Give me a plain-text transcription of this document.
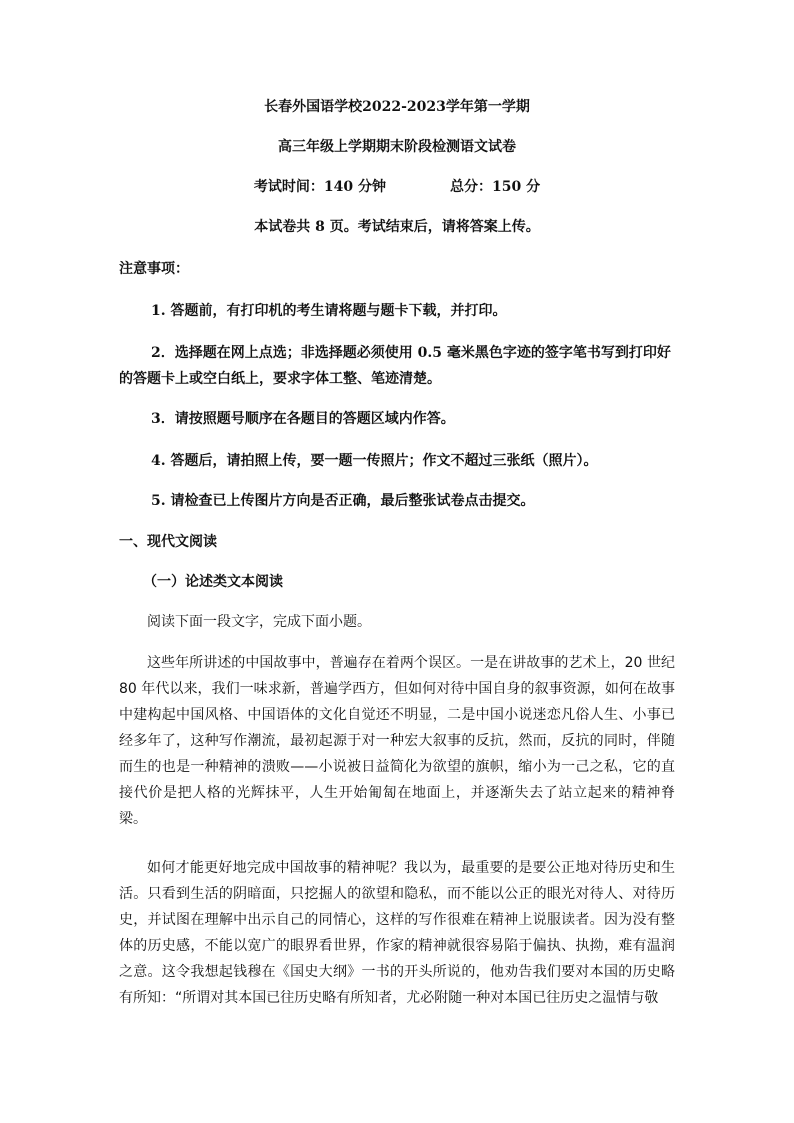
长春外国语学校2022-2023学年第一学期
高三年级上学期期末阶段检测语文试卷
考试时间：140 分钟	总分：150 分
本试卷共 8 页。考试结束后，请将答案上传。
注意事项：
1. 答题前，有打印机的考生请将题与题卡下载，并打印。
2．选择题在网上点选；非选择题必须使用 0.5 毫米黑色字迹的签字笔书写到打印好
的答题卡上或空白纸上，要求字体工整、笔迹清楚。
3．请按照题号顺序在各题目的答题区域内作答。
4. 答题后，请拍照上传，要一题一传照片；作文不超过三张纸（照片）。
5. 请检查已上传图片方向是否正确，最后整张试卷点击提交。
一、现代文阅读
（一）论述类文本阅读
阅读下面一段文字，完成下面小题。
这些年所讲述的中国故事中，普遍存在着两个误区。一是在讲故事的艺术上，20 世纪 80 年代以来，我们一味求新，普遍学西方，但如何对待中国自身的叙事资源，如何在故事中建构起中国风格、中国语体的文化自觉还不明显，二是中国小说迷恋凡俗人生、小事已经多年了，这种写作潮流，最初起源于对一种宏大叙事的反抗，然而，反抗的同时，伴随而生的也是一种精神的溃败——小说被日益简化为欲望的旗帜，缩小为一己之私，它的直接代价是把人格的光辉抹平，人生开始匍匐在地面上，并逐渐失去了站立起来的精神脊梁。
如何才能更好地完成中国故事的精神呢？我以为，最重要的是要公正地对待历史和生活。只看到生活的阴暗面，只挖掘人的欲望和隐私，而不能以公正的眼光对待人、对待历史，并试图在理解中出示自己的同情心，这样的写作很难在精神上说服读者。因为没有整体的历史感，不能以宽广的眼界看世界，作家的精神就很容易陷于偏执、执拗，难有温润之意。这令我想起钱穆在《国史大纲》一书的开头所说的，他劝告我们要对本国的历史略有所知：“所谓对其本国已往历史略有所知者，尤必附随一种对本国已往历史之温情与敬
